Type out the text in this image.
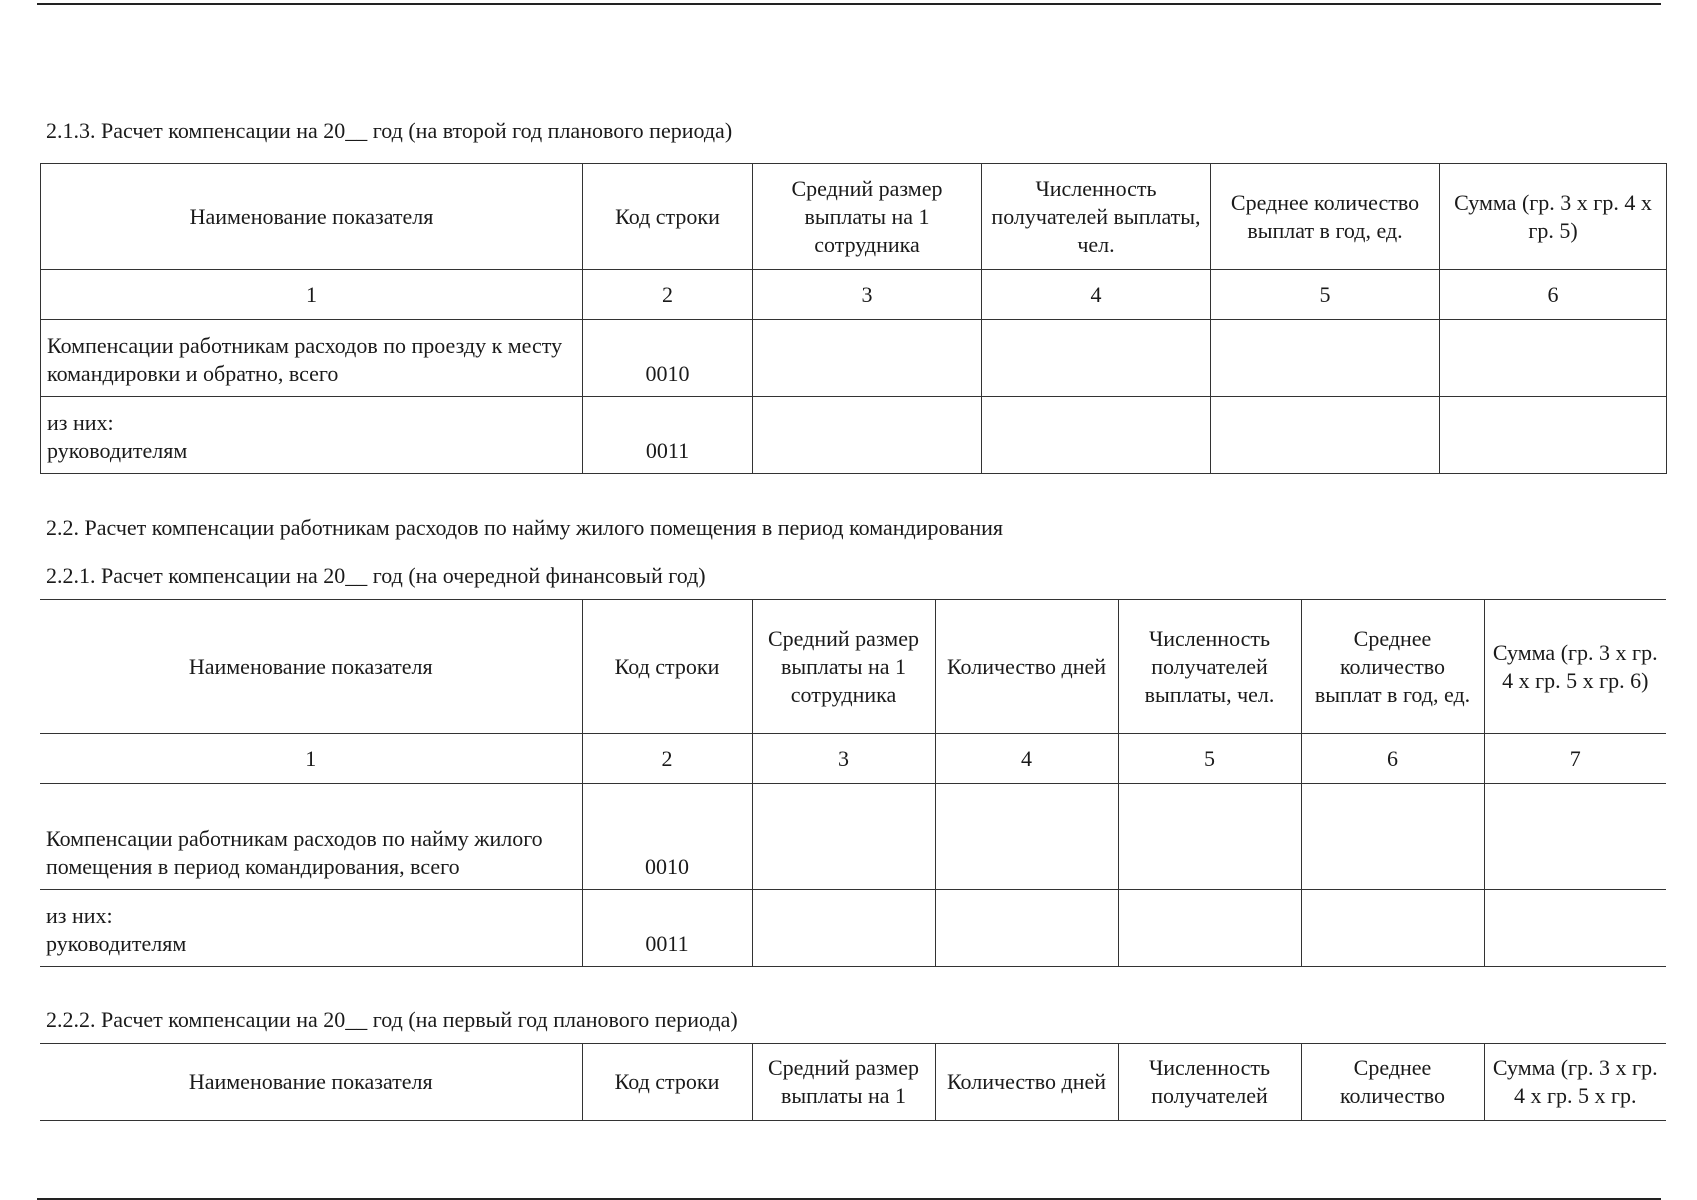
2.1.3. Расчет компенсации на 20__ год (на второй год планового периода)
Наименование показателя	Код строки	Средний размер выплаты на 1 сотрудника	Численность получателей выплаты, чел.	Среднее количество выплат в год, ед.	Сумма (гр. 3 x гр. 4 x гр. 5)
1	2	3	4	5	6
Компенсации работникам расходов по проезду к месту командировки и обратно, всего	0010				

из них:
руководителям	0011				
2.2. Расчет компенсации работникам расходов по найму жилого помещения в период командирования
2.2.1. Расчет компенсации на 20__ год (на очередной финансовый год)
Наименование показателя	Код строки	Средний размер выплаты на 1 сотрудника	Количество дней	Численность получателей выплаты, чел.	Среднее количество выплат в год, ед.	Сумма (гр. 3 x гр. 4 x гр. 5 x гр. 6)
1	2	3	4	5	6	7
Компенсации работникам расходов по найму жилого помещения в период командирования, всего	0010					

из них:
руководителям	0011					
2.2.2. Расчет компенсации на 20__ год (на первый год планового периода)
Наименование показателя	Код строки	Средний размер выплаты на 1	Количество дней	Численность получателей	Среднее количество	Сумма (гр. 3 x гр. 4 x гр. 5 x гр.
